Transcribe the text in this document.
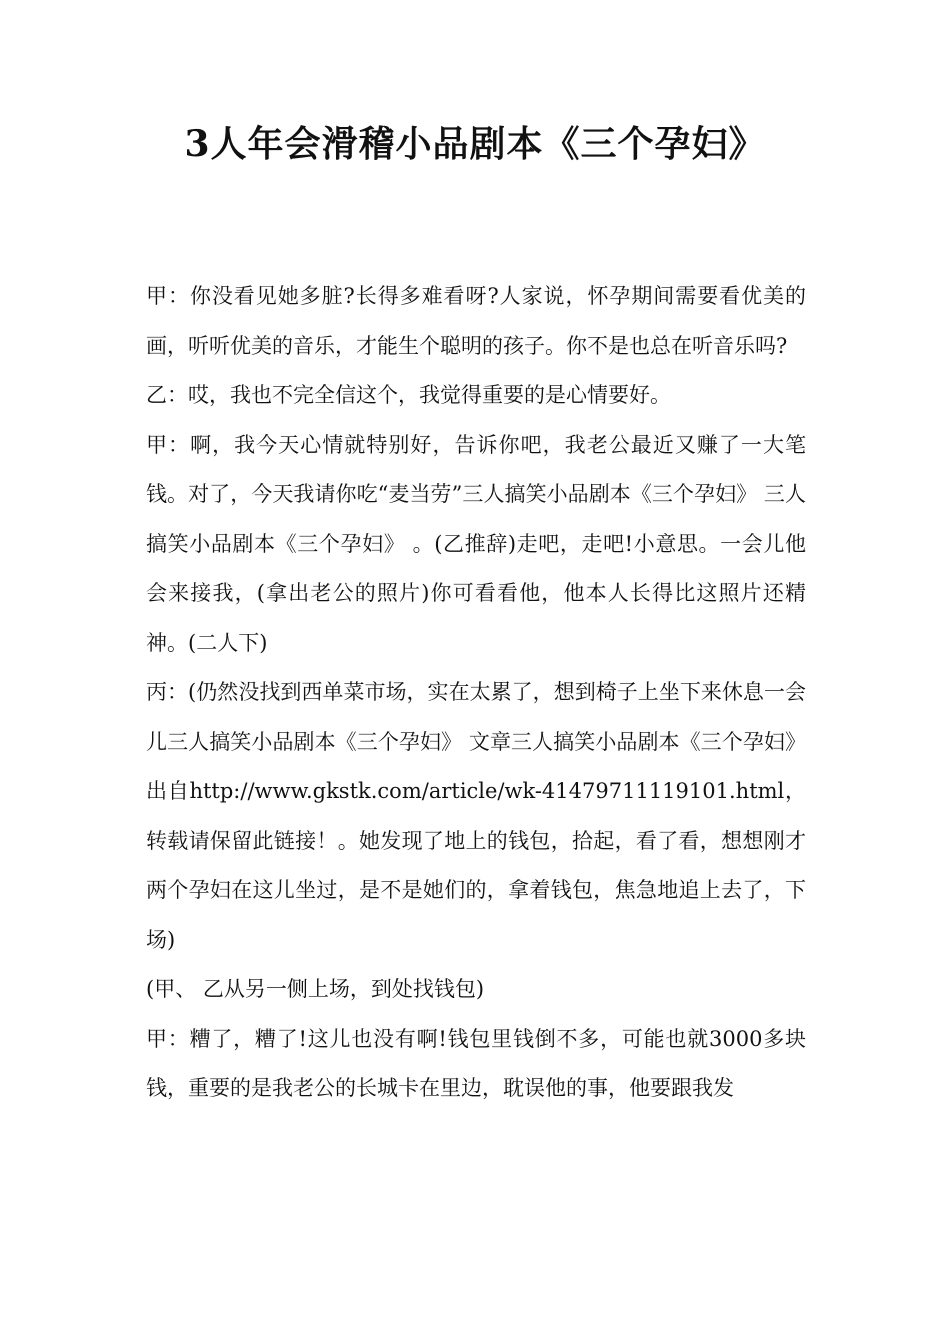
3人年会滑稽小品剧本《三个孕妇》

甲：你没看见她多脏?长得多难看呀?人家说，怀孕期间需要看优美的画，听听优美的音乐，才能生个聪明的孩子。你不是也总在听音乐吗?

乙：哎，我也不完全信这个，我觉得重要的是心情要好。

甲：啊，我今天心情就特别好，告诉你吧，我老公最近又赚了一大笔钱。对了，今天我请你吃“麦当劳”三人搞笑小品剧本《三个孕妇》 三人搞笑小品剧本《三个孕妇》 。(乙推辞)走吧，走吧!小意思。一会儿他会来接我，(拿出老公的照片)你可看看他，他本人长得比这照片还精神。(二人下)

丙：(仍然没找到西单菜市场，实在太累了，想到椅子上坐下来休息一会儿三人搞笑小品剧本《三个孕妇》 文章三人搞笑小品剧本《三个孕妇》 出自http://www.gkstk.com/article/wk-41479711119101.html，转载请保留此链接！。她发现了地上的钱包，拾起，看了看，想想刚才两个孕妇在这儿坐过，是不是她们的，拿着钱包，焦急地追上去了，下场)

(甲、 乙从另一侧上场，到处找钱包)

甲：糟了，糟了!这儿也没有啊!钱包里钱倒不多，可能也就3000多块钱，重要的是我老公的长城卡在里边，耽误他的事，他要跟我发
